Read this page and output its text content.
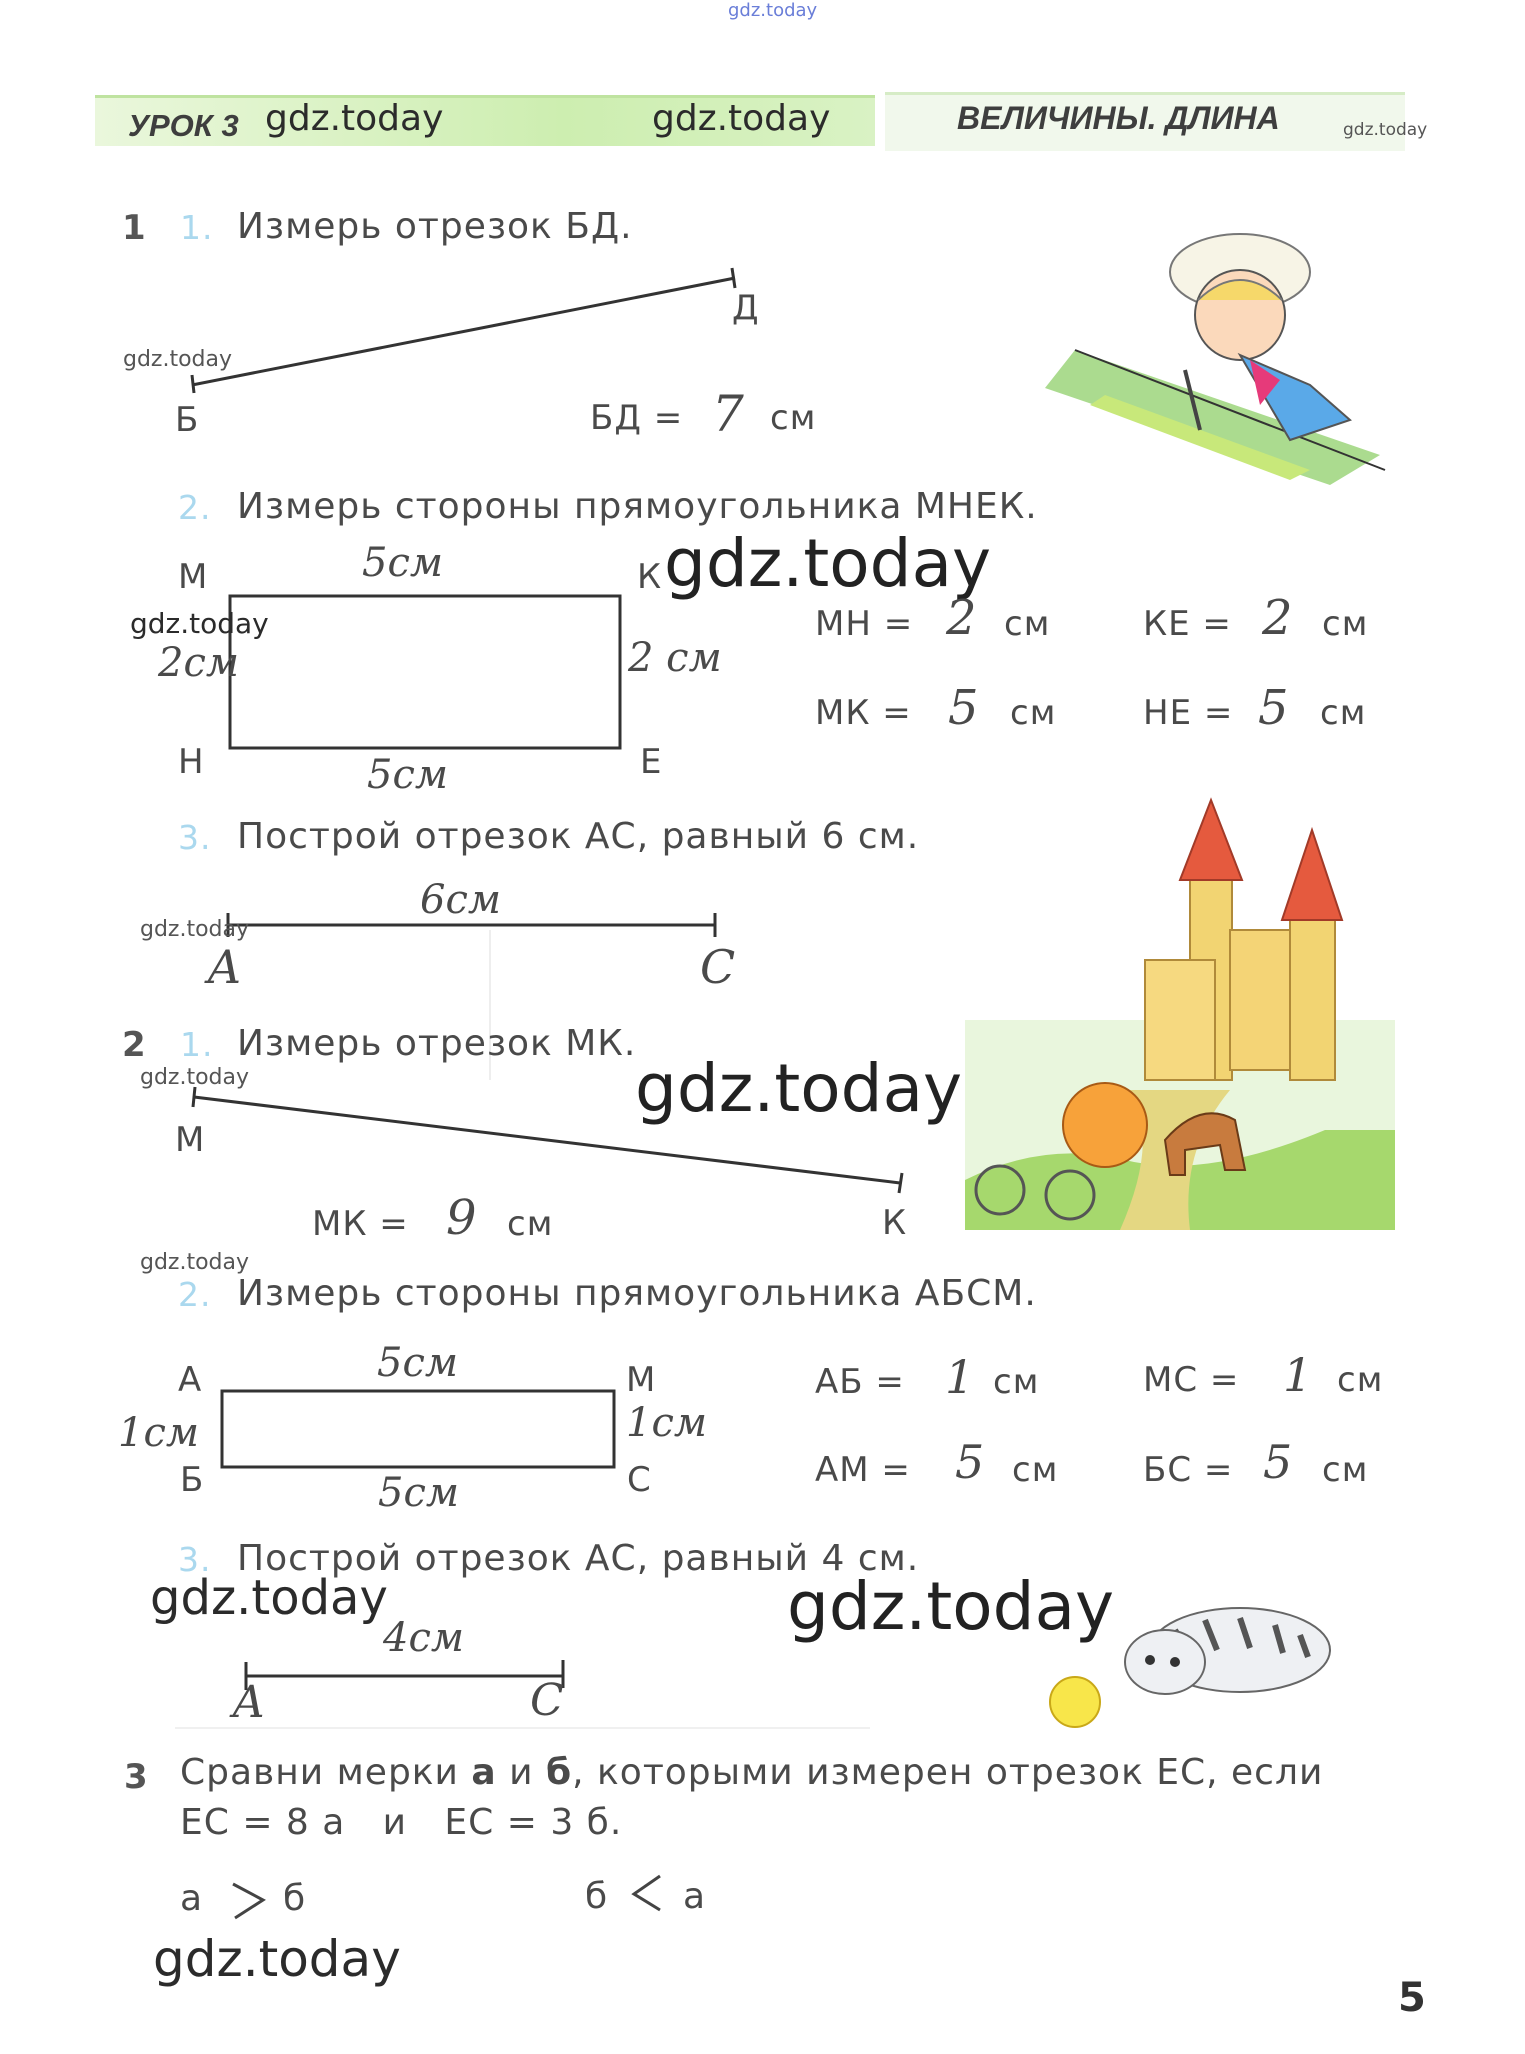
УРОК 3	ВЕЛИЧИНЫ. ДЛИНА
gdz.today
gdz.today	gdz.today	gdz.today
1 1. Измерь отрезок БД.
Б
Д
БД = 7 см
gdz.today
2. Измерь стороны прямоугольника МНЕК.
М	К
Н	Е
5см
5см
2см	2 см
gdz.today
gdz.today	МН = 2 см	КЕ = 2 см
МК = 5 см	НЕ = 5 см
3. Построй отрезок АС, равный 6 см.
6см
А	С
gdz.today
2 1. Измерь отрезок МК.
gdz.today
М
К
gdz.today
МК = 9 см
gdz.today
2. Измерь стороны прямоугольника АБСМ.
А	М
Б	С
5см
5см
1см	1см
АБ = 1 см	МС = 1 см
АМ = 5 см БС = 5 см
3. Построй отрезок АС, равный 4 см.
gdz.today	gdz.today
4см
А	С
3 Сравни мерки а и б, которыми измерен отрезок ЕС, если
ЕС = 8 а   и   ЕС = 3 б.
а б	б а
gdz.today
5
